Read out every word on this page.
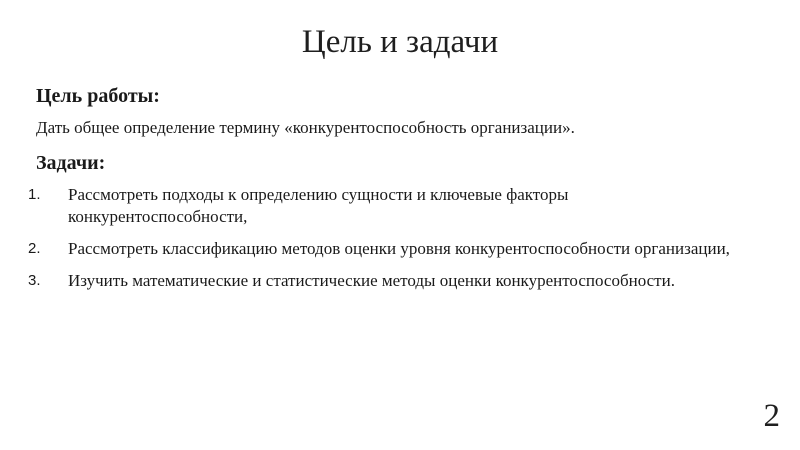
Цель и задачи
Цель работы:
Дать общее определение термину «конкурентоспособность организации».
Задачи:
1. Рассмотреть подходы к определению сущности и ключевые факторы конкурентоспособности,
2. Рассмотреть классификацию методов оценки уровня конкурентоспособности организации,
3. Изучить математические и статистические методы оценки конкурентоспособности.
2
